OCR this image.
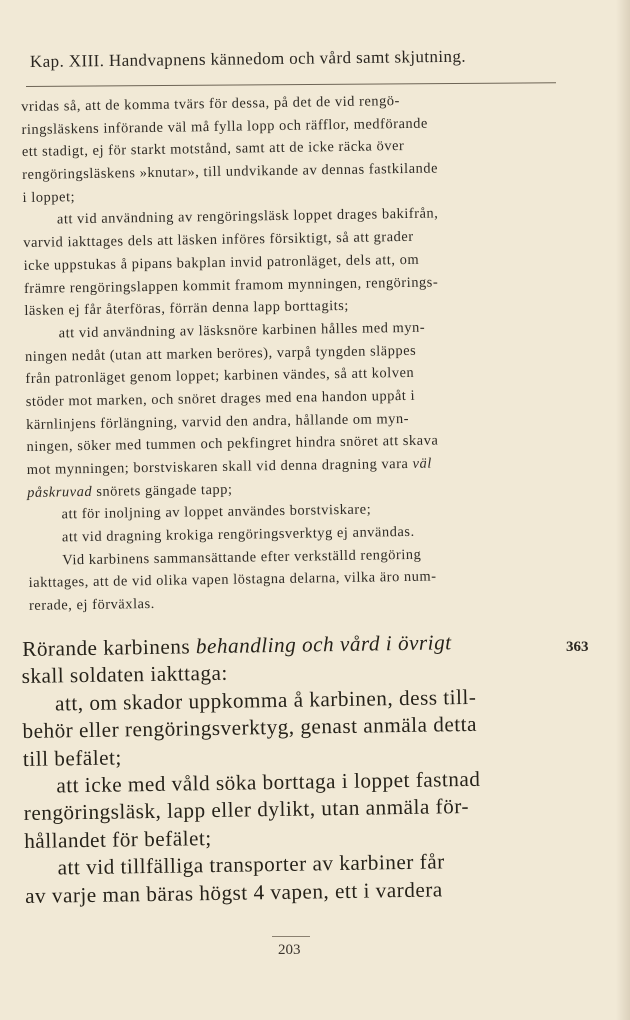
Kap. XIII. Handvapnens kännedom och vård samt skjutning.
vridas så, att de komma tvärs för dessa, på det de vid rengö-
ringsläskens införande väl må fylla lopp och räfflor, medförande
ett stadigt, ej för starkt motstånd, samt att de icke räcka över
rengöringsläskens »knutar», till undvikande av dennas fastkilande
i loppet;
att vid användning av rengöringsläsk loppet drages bakifrån,
varvid iakttages dels att läsken införes försiktigt, så att grader
icke uppstukas å pipans bakplan invid patronläget, dels att, om
främre rengöringslappen kommit framom mynningen, rengörings-
läsken ej får återföras, förrän denna lapp borttagits;
att vid användning av läsksnöre karbinen hålles med myn-
ningen nedåt (utan att marken beröres), varpå tyngden släppes
från patronläget genom loppet; karbinen vändes, så att kolven
stöder mot marken, och snöret drages med ena handon uppåt i
kärnlinjens förlängning, varvid den andra, hållande om myn-
ningen, söker med tummen och pekfingret hindra snöret att skava
mot mynningen; borstviskaren skall vid denna dragning vara väl
påskruvad snörets gängade tapp;
att för inoljning av loppet användes borstviskare;
att vid dragning krokiga rengöringsverktyg ej användas.
Vid karbinens sammansättande efter verkställd rengöring
iakttages, att de vid olika vapen löstagna delarna, vilka äro num-
rerade, ej förväxlas.
363
Rörande karbinens behandling och vård i övrigt
skall soldaten iakttaga:
att, om skador uppkomma å karbinen, dess till-
behör eller rengöringsverktyg, genast anmäla detta
till befälet;
att icke med våld söka borttaga i loppet fastnad
rengöringsläsk, lapp eller dylikt, utan anmäla för-
hållandet för befälet;
att vid tillfälliga transporter av karbiner får
av varje man bäras högst 4 vapen, ett i vardera
203
